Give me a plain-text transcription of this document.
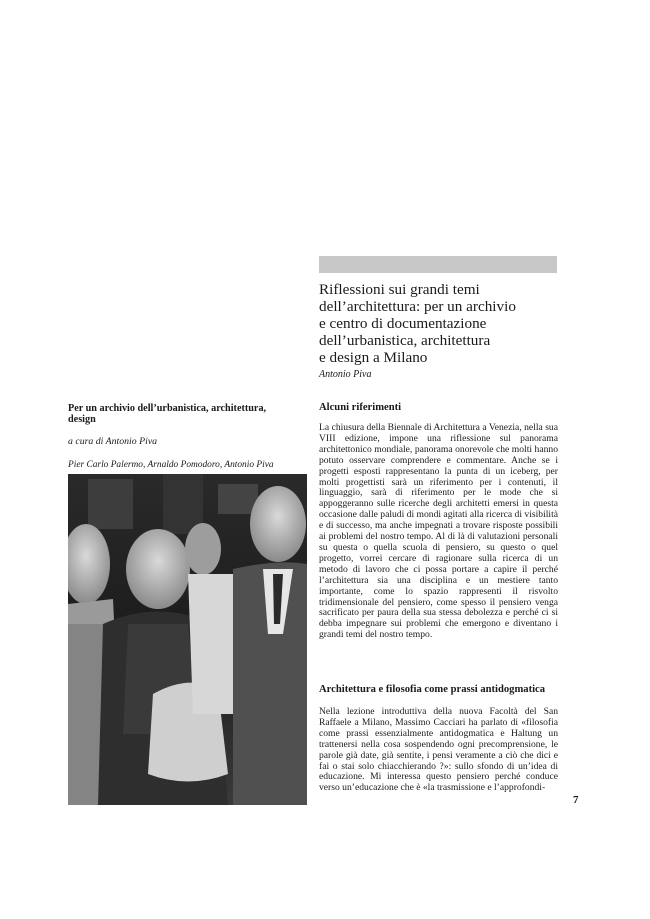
Riflessioni sui grandi temi
dell’architettura: per un archivio
e centro di documentazione
dell’urbanistica, architettura
e design a Milano
Antonio Piva
Alcuni riferimenti

La chiusura della Biennale di Architettura a Venezia, nella sua VIII edizione, impone una riflessione sul panorama architettonico mondiale, panorama onorevole che molti hanno potuto osservare comprendere e commentare. Anche se i progetti esposti rappresentano la punta di un iceberg, per molti progettisti sarà un riferimento per i contenuti, il linguaggio, sarà di riferimento per le mode che si appoggeranno sulle ricerche degli architetti emersi in questa occasione dalle paludi di mondi agitati alla ricerca di visibilità e di successo, ma anche impegnati a trovare risposte possibili ai problemi del nostro tempo. Al di là di valutazioni personali su questa o quella scuola di pensiero, su questo o quel progetto, vorrei cercare di ragionare sulla ricerca di un metodo di lavoro che ci possa portare a capire il perché l’architettura sia una disciplina e un mestiere tanto importante, come lo spazio rappresenti il risvolto tridimensionale del pensiero, come spesso il pensiero venga sacrificato per paura della sua stessa debolezza e perché ci si debba impegnare sui problemi che emergono e diventano i grandi temi del nostro tempo.

Architettura e filosofia come prassi antidogmatica

Nella lezione introduttiva della nuova Facoltà del San Raffaele a Milano, Massimo Cacciari ha parlato di «filosofia come prassi essenzialmente antidogmatica e Haltung un trattenersi nella cosa sospendendo ogni precomprensione, le parole già date, già sentite, i pensi veramente a ciò che dici e fai o stai solo chiacchierando ?»: sullo sfondo di un’idea di educazione. Mi interessa questo pensiero perché conduce verso un’educazione che è «la trasmissione e l’approfondi-

7
Per un archivio dell’urbanistica, architettura,
design
a cura di Antonio Piva
Pier Carlo Palermo, Arnaldo Pomodoro, Antonio Piva
